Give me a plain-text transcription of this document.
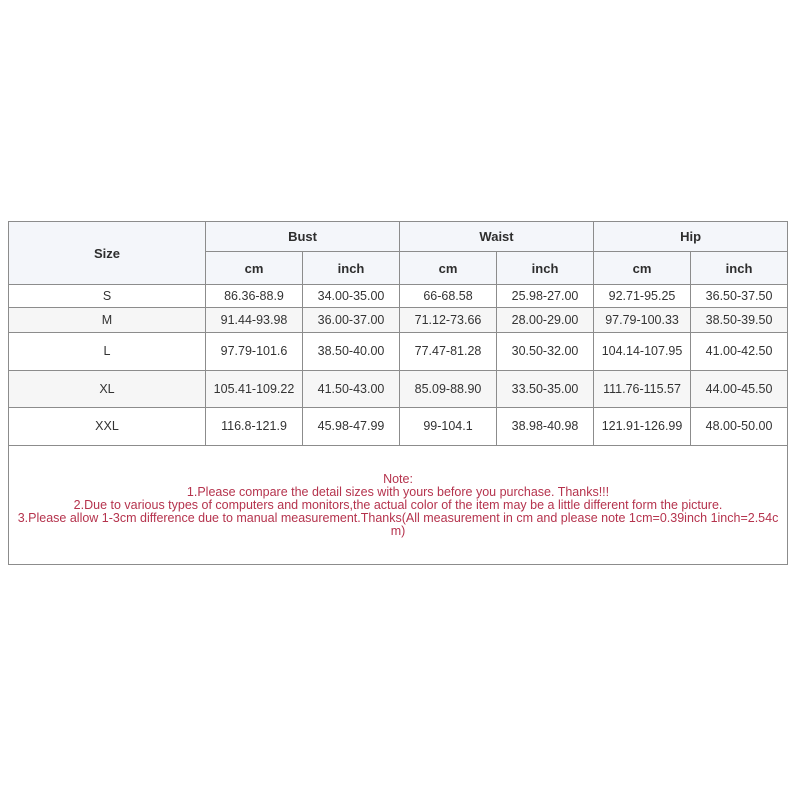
Size	Bust		Waist		Hip	
	cm	inch	cm	inch	cm	inch
S	86.36-88.9	34.00-35.00	66-68.58	25.98-27.00	92.71-95.25	36.50-37.50
M	91.44-93.98	36.00-37.00	71.12-73.66	28.00-29.00	97.79-100.33	38.50-39.50
L	97.79-101.6	38.50-40.00	77.47-81.28	30.50-32.00	104.14-107.95	41.00-42.50
XL	105.41-109.22	41.50-43.00	85.09-88.90	33.50-35.00	111.76-115.57	44.00-45.50
XXL	116.8-121.9	45.98-47.99	99-104.1	38.98-40.98	121.91-126.99	48.00-50.00

Note:
1.Please compare the detail sizes with yours before you purchase. Thanks!!!
2.Due to various types of computers and monitors,the actual color of the item may be a little different form the picture.
3.Please allow 1-3cm difference due to manual measurement.Thanks(All measurement in cm and please note 1cm=0.39inch 1inch=2.54cm)						
